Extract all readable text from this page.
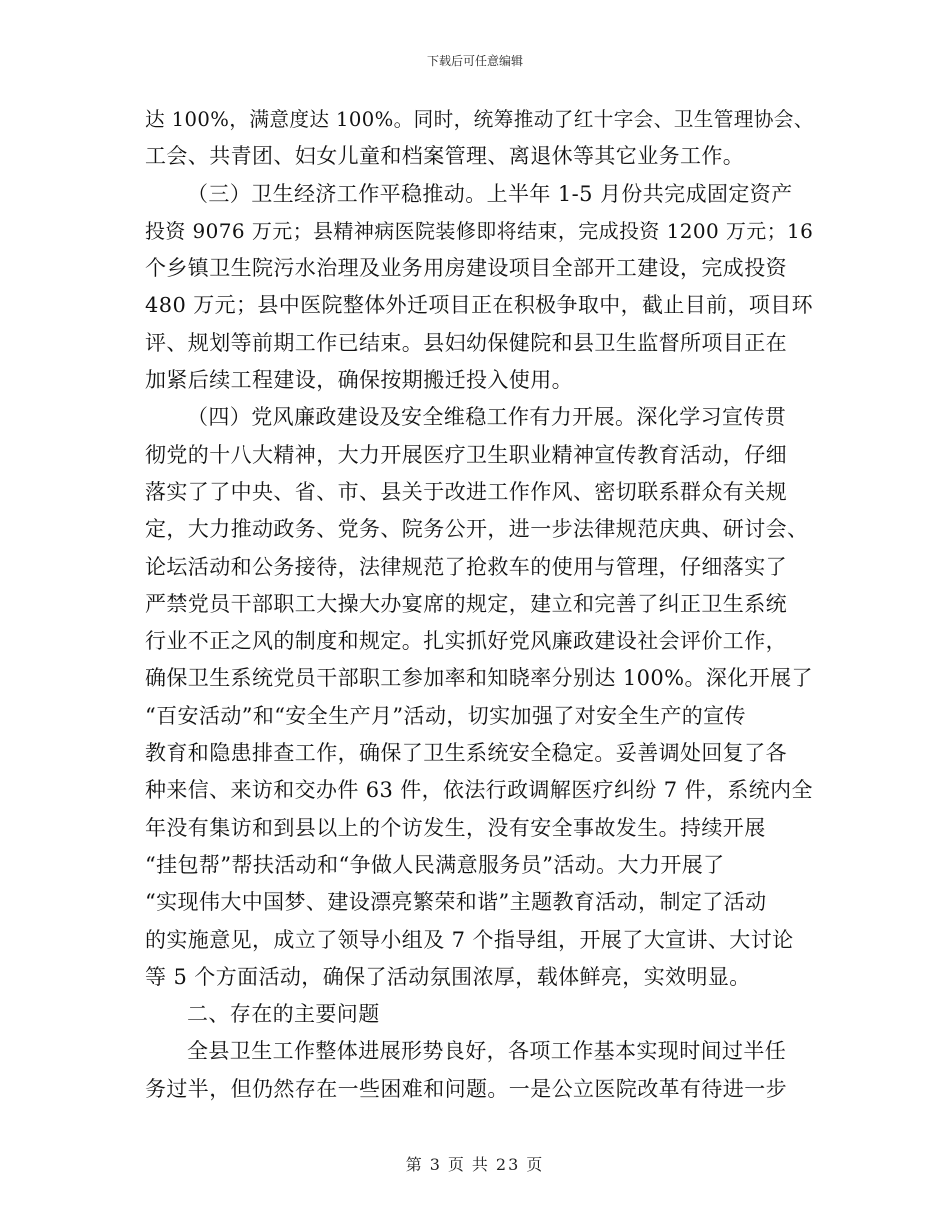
下载后可任意编辑
达 100%，满意度达 100%。同时，统筹推动了红十字会、卫生管理协会、
工会、共青团、妇女儿童和档案管理、离退休等其它业务工作。
（三）卫生经济工作平稳推动。上半年 1-5 月份共完成固定资产
投资 9076 万元；县精神病医院装修即将结束，完成投资 1200 万元；16
个乡镇卫生院污水治理及业务用房建设项目全部开工建设，完成投资
480 万元；县中医院整体外迁项目正在积极争取中，截止目前，项目环
评、规划等前期工作已结束。县妇幼保健院和县卫生监督所项目正在
加紧后续工程建设，确保按期搬迁投入使用。
（四）党风廉政建设及安全维稳工作有力开展。深化学习宣传贯
彻党的十八大精神，大力开展医疗卫生职业精神宣传教育活动，仔细
落实了了中央、省、市、县关于改进工作作风、密切联系群众有关规
定，大力推动政务、党务、院务公开，进一步法律规范庆典、研讨会、
论坛活动和公务接待，法律规范了抢救车的使用与管理，仔细落实了
严禁党员干部职工大操大办宴席的规定，建立和完善了纠正卫生系统
行业不正之风的制度和规定。扎实抓好党风廉政建设社会评价工作，
确保卫生系统党员干部职工参加率和知晓率分别达 100%。深化开展了
“百安活动”和“安全生产月”活动，切实加强了对安全生产的宣传
教育和隐患排查工作，确保了卫生系统安全稳定。妥善调处回复了各
种来信、来访和交办件 63 件，依法行政调解医疗纠纷 7 件，系统内全
年没有集访和到县以上的个访发生，没有安全事故发生。持续开展
“挂包帮”帮扶活动和“争做人民满意服务员”活动。大力开展了
“实现伟大中国梦、建设漂亮繁荣和谐”主题教育活动，制定了活动
的实施意见，成立了领导小组及 7 个指导组，开展了大宣讲、大讨论
等 5 个方面活动，确保了活动氛围浓厚，载体鲜亮，实效明显。
二、存在的主要问题
全县卫生工作整体进展形势良好，各项工作基本实现时间过半任
务过半，但仍然存在一些困难和问题。一是公立医院改革有待进一步
第 3 页 共 23 页
